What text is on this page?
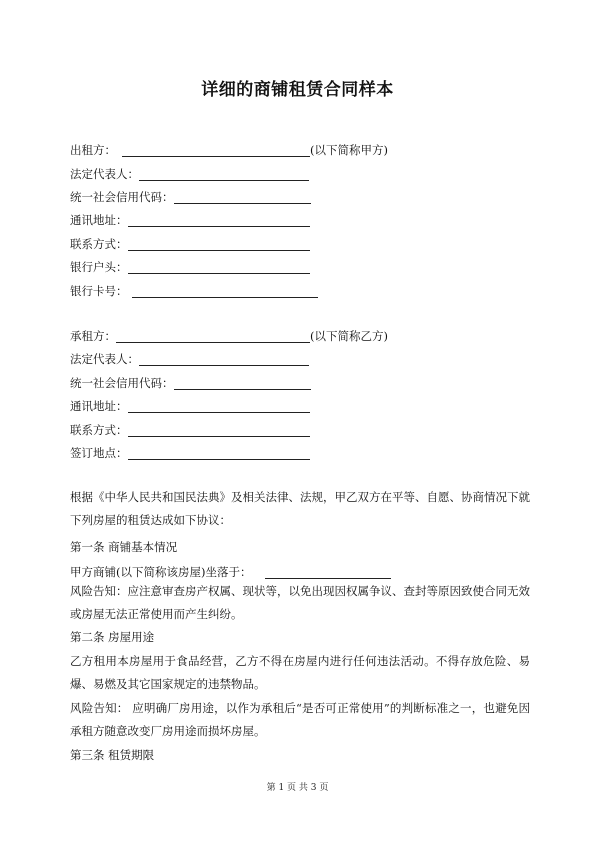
详细的商铺租赁合同样本
出租方：	(以下简称甲方)
法定代表人：
统一社会信用代码：
通讯地址：
联系方式：
银行户头：
银行卡号：
承租方：	(以下简称乙方)
法定代表人：
统一社会信用代码：
通讯地址：
联系方式：
签订地点：
根据《中华人民共和国民法典》及相关法律、法规，甲乙双方在平等、自愿、协商情况下就下列房屋的租赁达成如下协议：
第一条 商铺基本情况
甲方商铺(以下简称该房屋)坐落于：
风险告知：应注意审查房产权属、现状等，以免出现因权属争议、查封等原因致使合同无效或房屋无法正常使用而产生纠纷。
第二条 房屋用途
乙方租用本房屋用于食品经营，乙方不得在房屋内进行任何违法活动。不得存放危险、易爆、易燃及其它国家规定的违禁物品。
风险告知： 应明确厂房用途，以作为承租后“是否可正常使用”的判断标准之一，也避免因承租方随意改变厂房用途而损坏房屋。
第三条 租赁期限
第 1 页 共 3 页
